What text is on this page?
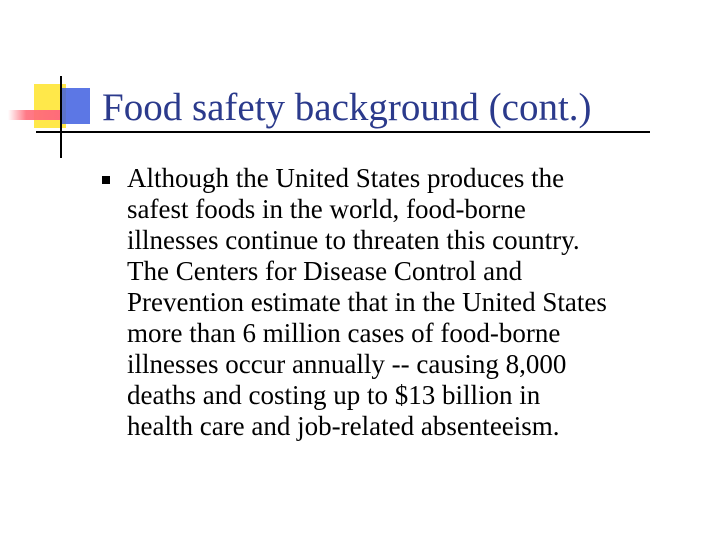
Food safety background (cont.)

Although the United States produces the
safest foods in the world, food-borne
illnesses continue to threaten this country.
The Centers for Disease Control and
Prevention estimate that in the United States
more than 6 million cases of food-borne
illnesses occur annually -- causing 8,000
deaths and costing up to $13 billion in
health care and job-related absenteeism.
